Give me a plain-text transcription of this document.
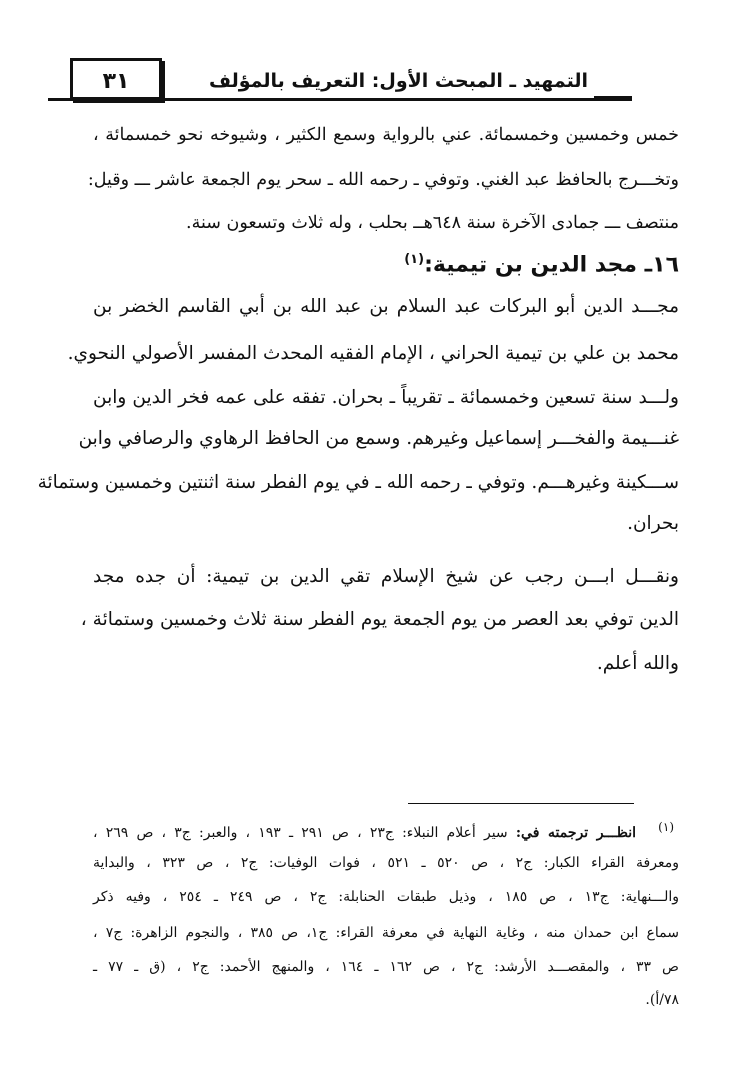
التمهيد ـ المبحث الأول: التعريف بالمؤلف
٣١
خمس وخمسين وخمسمائة. عني بالرواية وسمع الكثير ، وشيوخه نحو خمسمائة ،
وتخـــرج بالحافظ عبد الغني. وتوفي ـ رحمه الله ـ سحر يوم الجمعة عاشر ـــ وقيل:
منتصف ـــ جمادى الآخرة سنة ٦٤٨هــ بحلب ، وله ثلاث وتسعون سنة.
١٦ـ مجد الدين بن تيمية:$^{(١)}$
مجـــد الدين أبو البركات عبد السلام بن عبد الله بن أبي القاسم الخضر بن
محمد بن علي بن تيمية الحراني ، الإمام الفقيه المحدث المفسر الأصولي النحوي.
ولـــد سنة تسعين وخمسمائة ـ تقريباً ـ بحران. تفقه على عمه فخر الدين وابن
غنـــيمة والفخـــر إسماعيل وغيرهم. وسمع من الحافظ الرهاوي والرصافي وابن
ســـكينة وغيرهـــم. وتوفي ـ رحمه الله ـ في يوم الفطر سنة اثنتين وخمسين وستمائة
بحران.
ونقـــل ابـــن رجب عن شيخ الإسلام تقي الدين بن تيمية: أن جده مجد
الدين توفي بعد العصر من يوم الجمعة يوم الفطر سنة ثلاث وخمسين وستمائة ،
والله أعلم.
(١)
انظـــر ترجمته في: سير أعلام النبلاء: ج٢٣ ، ص ٢٩١ ـ ١٩٣ ، والعبر: ج٣ ، ص ٢٦٩ ،
ومعرفة القراء الكبار: ج٢ ، ص ٥٢٠ ـ ٥٢١ ، فوات الوفيات: ج٢ ، ص ٣٢٣ ، والبداية
والـــنهاية: ج١٣ ، ص ١٨٥ ، وذيل طبقات الحنابلة: ج٢ ، ص ٢٤٩ ـ ٢٥٤ ، وفيه ذكر
سماع ابن حمدان منه ، وغاية النهاية في معرفة القراء: ج١، ص ٣٨٥ ، والنجوم الزاهرة: ج٧ ،
ص ٣٣ ، والمقصـــد الأرشد: ج٢ ، ص ١٦٢ ـ ١٦٤ ، والمنهج الأحمد: ج٢ ، (ق ـ ٧٧ ـ
٧٨/أ).
